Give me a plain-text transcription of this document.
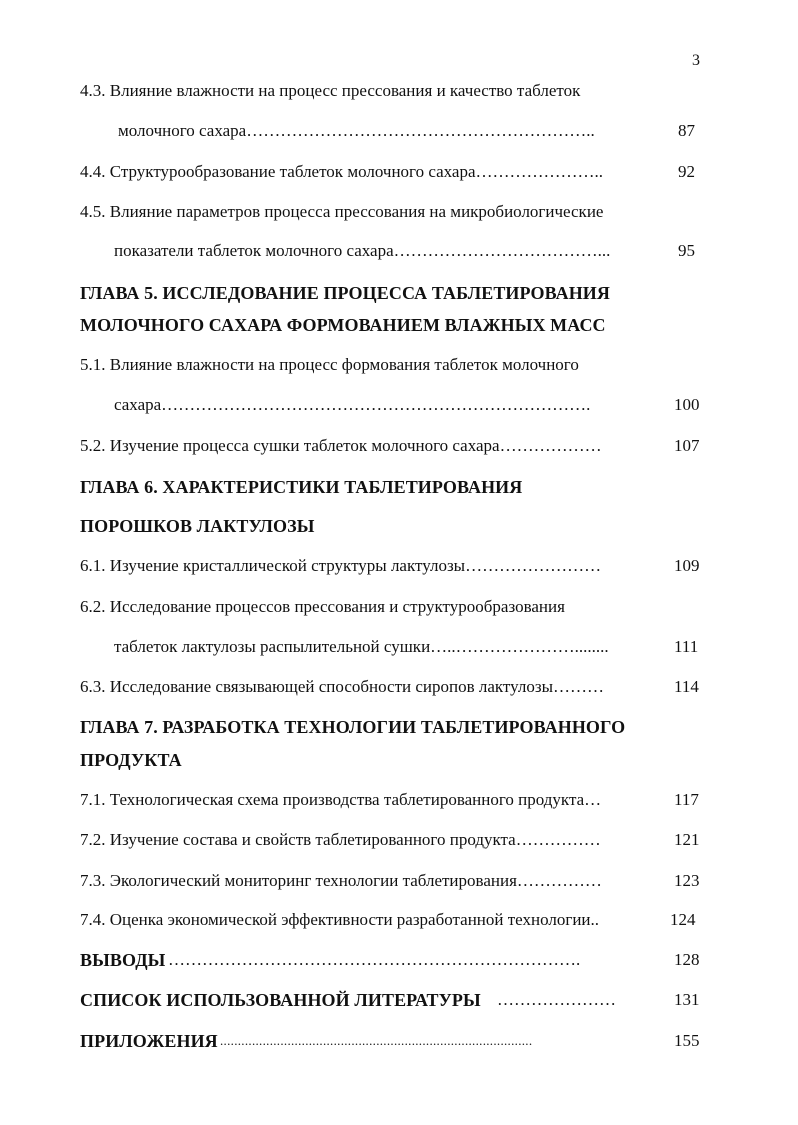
3
4.3. Влияние влажности на процесс прессования и качество таблеток
молочного сахара……………………………………………………..	87
4.4. Структурообразование таблеток молочного сахара…………………..	92
4.5. Влияние параметров процесса прессования на микробиологические
показатели таблеток молочного сахара………………………………...	95
ГЛАВА 5. ИССЛЕДОВАНИЕ ПРОЦЕССА ТАБЛЕТИРОВАНИЯ
МОЛОЧНОГО САХАРА ФОРМОВАНИЕМ ВЛАЖНЫХ МАСС
5.1. Влияние влажности на процесс формования таблеток молочного
сахара………………………………………………………………….	100
5.2. Изучение процесса сушки таблеток молочного сахара………………	107
ГЛАВА 6. ХАРАКТЕРИСТИКИ ТАБЛЕТИРОВАНИЯ
ПОРОШКОВ ЛАКТУЛОЗЫ
6.1. Изучение кристаллической структуры лактулозы……………………	109
6.2. Исследование процессов прессования и структурообразования
таблеток лактулозы распылительной сушки…..…………………........	111
6.3. Исследование связывающей способности сиропов лактулозы………	114
ГЛАВА 7. РАЗРАБОТКА ТЕХНОЛОГИИ ТАБЛЕТИРОВАННОГО
ПРОДУКТА
7.1. Технологическая схема производства таблетированного продукта…	117
7.2. Изучение состава и свойств таблетированного продукта……………	121
7.3. Экологический мониторинг технологии таблетирования……………	123
7.4. Оценка экономической эффективности разработанной технологии..	124
ВЫВОДЫ ……………………………………………………………….	128
СПИСОК ИСПОЛЬЗОВАННОЙ ЛИТЕРАТУРЫ …………………	131
ПРИЛОЖЕНИЯ ........................................................................................	155
